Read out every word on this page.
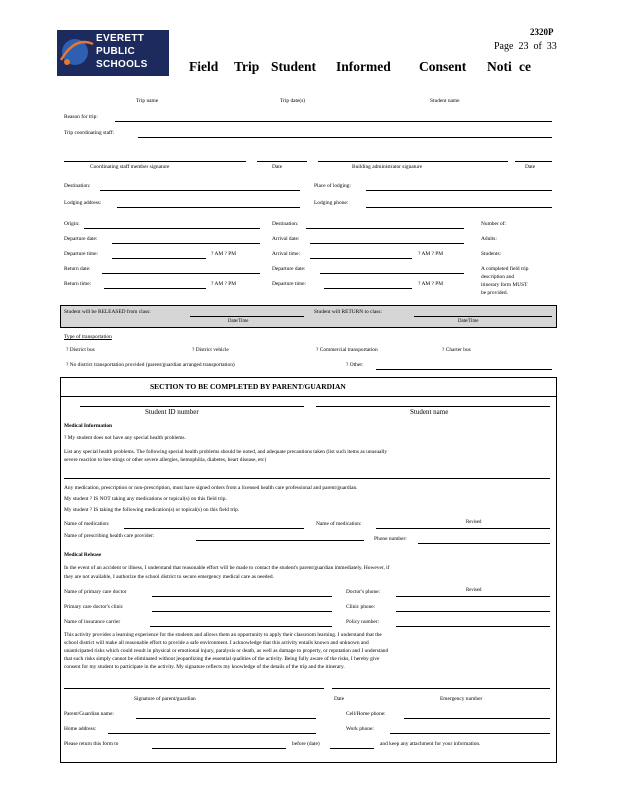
EVERETT
PUBLIC
SCHOOLS
2320P
Page 23 of 33
Field Trip Student Informed Consent Noti ce
Trip name	Trip date(s)	Student name
Reason for trip:
Trip coordinating staff:
Coordinating staff member signature	Date	Building administrator signature	Date
Destination:	Place of lodging:
Lodging address:	Lodging phone:
Origin:	Destination:	Number of:
Departure date:	Arrival date:	Adults:
Departure time:	? AM ? PM	Arrival time:	? AM ? PM	Students:
Return date:	Departure date:
Return time:	? AM ? PM	Departure time:	? AM ? PM
A completed field trip
description and
itinerary form MUST
be provided.
Student will be RELEASED from class:
Date/Time
Student will RETURN to class:
Date/Time
Type of transportation
? District bus	? District vehicle	? Commercial transportation	? Charter bus
? No district transportation provided (parent/guardian arranged transportation)	? Other:
SECTION TO BE COMPLETED BY PARENT/GUARDIAN
Student ID number	Student name
Medical Information
? My student does not have any special health problems.
List any special health problems. The following special health problems should be noted, and adequate precautions taken (list such items as unusually
severe reaction to bee stings or other severe allergies, hemophilia, diabetes, heart disease, etc)
Any medication, prescription or non-prescription, must have signed orders from a licensed health care professional and parent/guardian.
My student ? IS NOT taking any medications or topical(s) on this field trip.
My student ? IS taking the following medication(s) or topical(s) on this field trip.
Name of medication:	Name of medication:	Revised
Name of prescribing health care provider:	Phone number:
Medical Release
In the event of an accident or illness, I understand that reasonable effort will be made to contact the student's parent/guardian immediately. However, if
they are not available, I authorize the school district to secure emergency medical care as needed.
Name of primary care doctor	Doctor's phone:	Revised
Primary care doctor's clinic	Clinic phone:
Name of insurance carrier	Policy number:
This activity provides a learning experience for the students and allows them an opportunity to apply their classroom learning. I understand that the
school district will make all reasonable effort to provide a safe environment. I acknowledge that this activity entails known and unknown and
unanticipated risks which could result in physical or emotional injury, paralysis or death, as well as damage to property, or reputation and I understand
that such risks simply cannot be eliminated without jeopardizing the essential qualities of the activity. Being fully aware of the risks, I hereby give
consent for my student to participate in the activity. My signature reflects my knowledge of the details of the trip and the itinerary.
Signature of parent/guardian	Date	Emergency number
Parent/Guardian name:	Cell/Home phone:
Home address:	Work phone:
Please return this form to	before (date)	and keep any attachment for your information.
